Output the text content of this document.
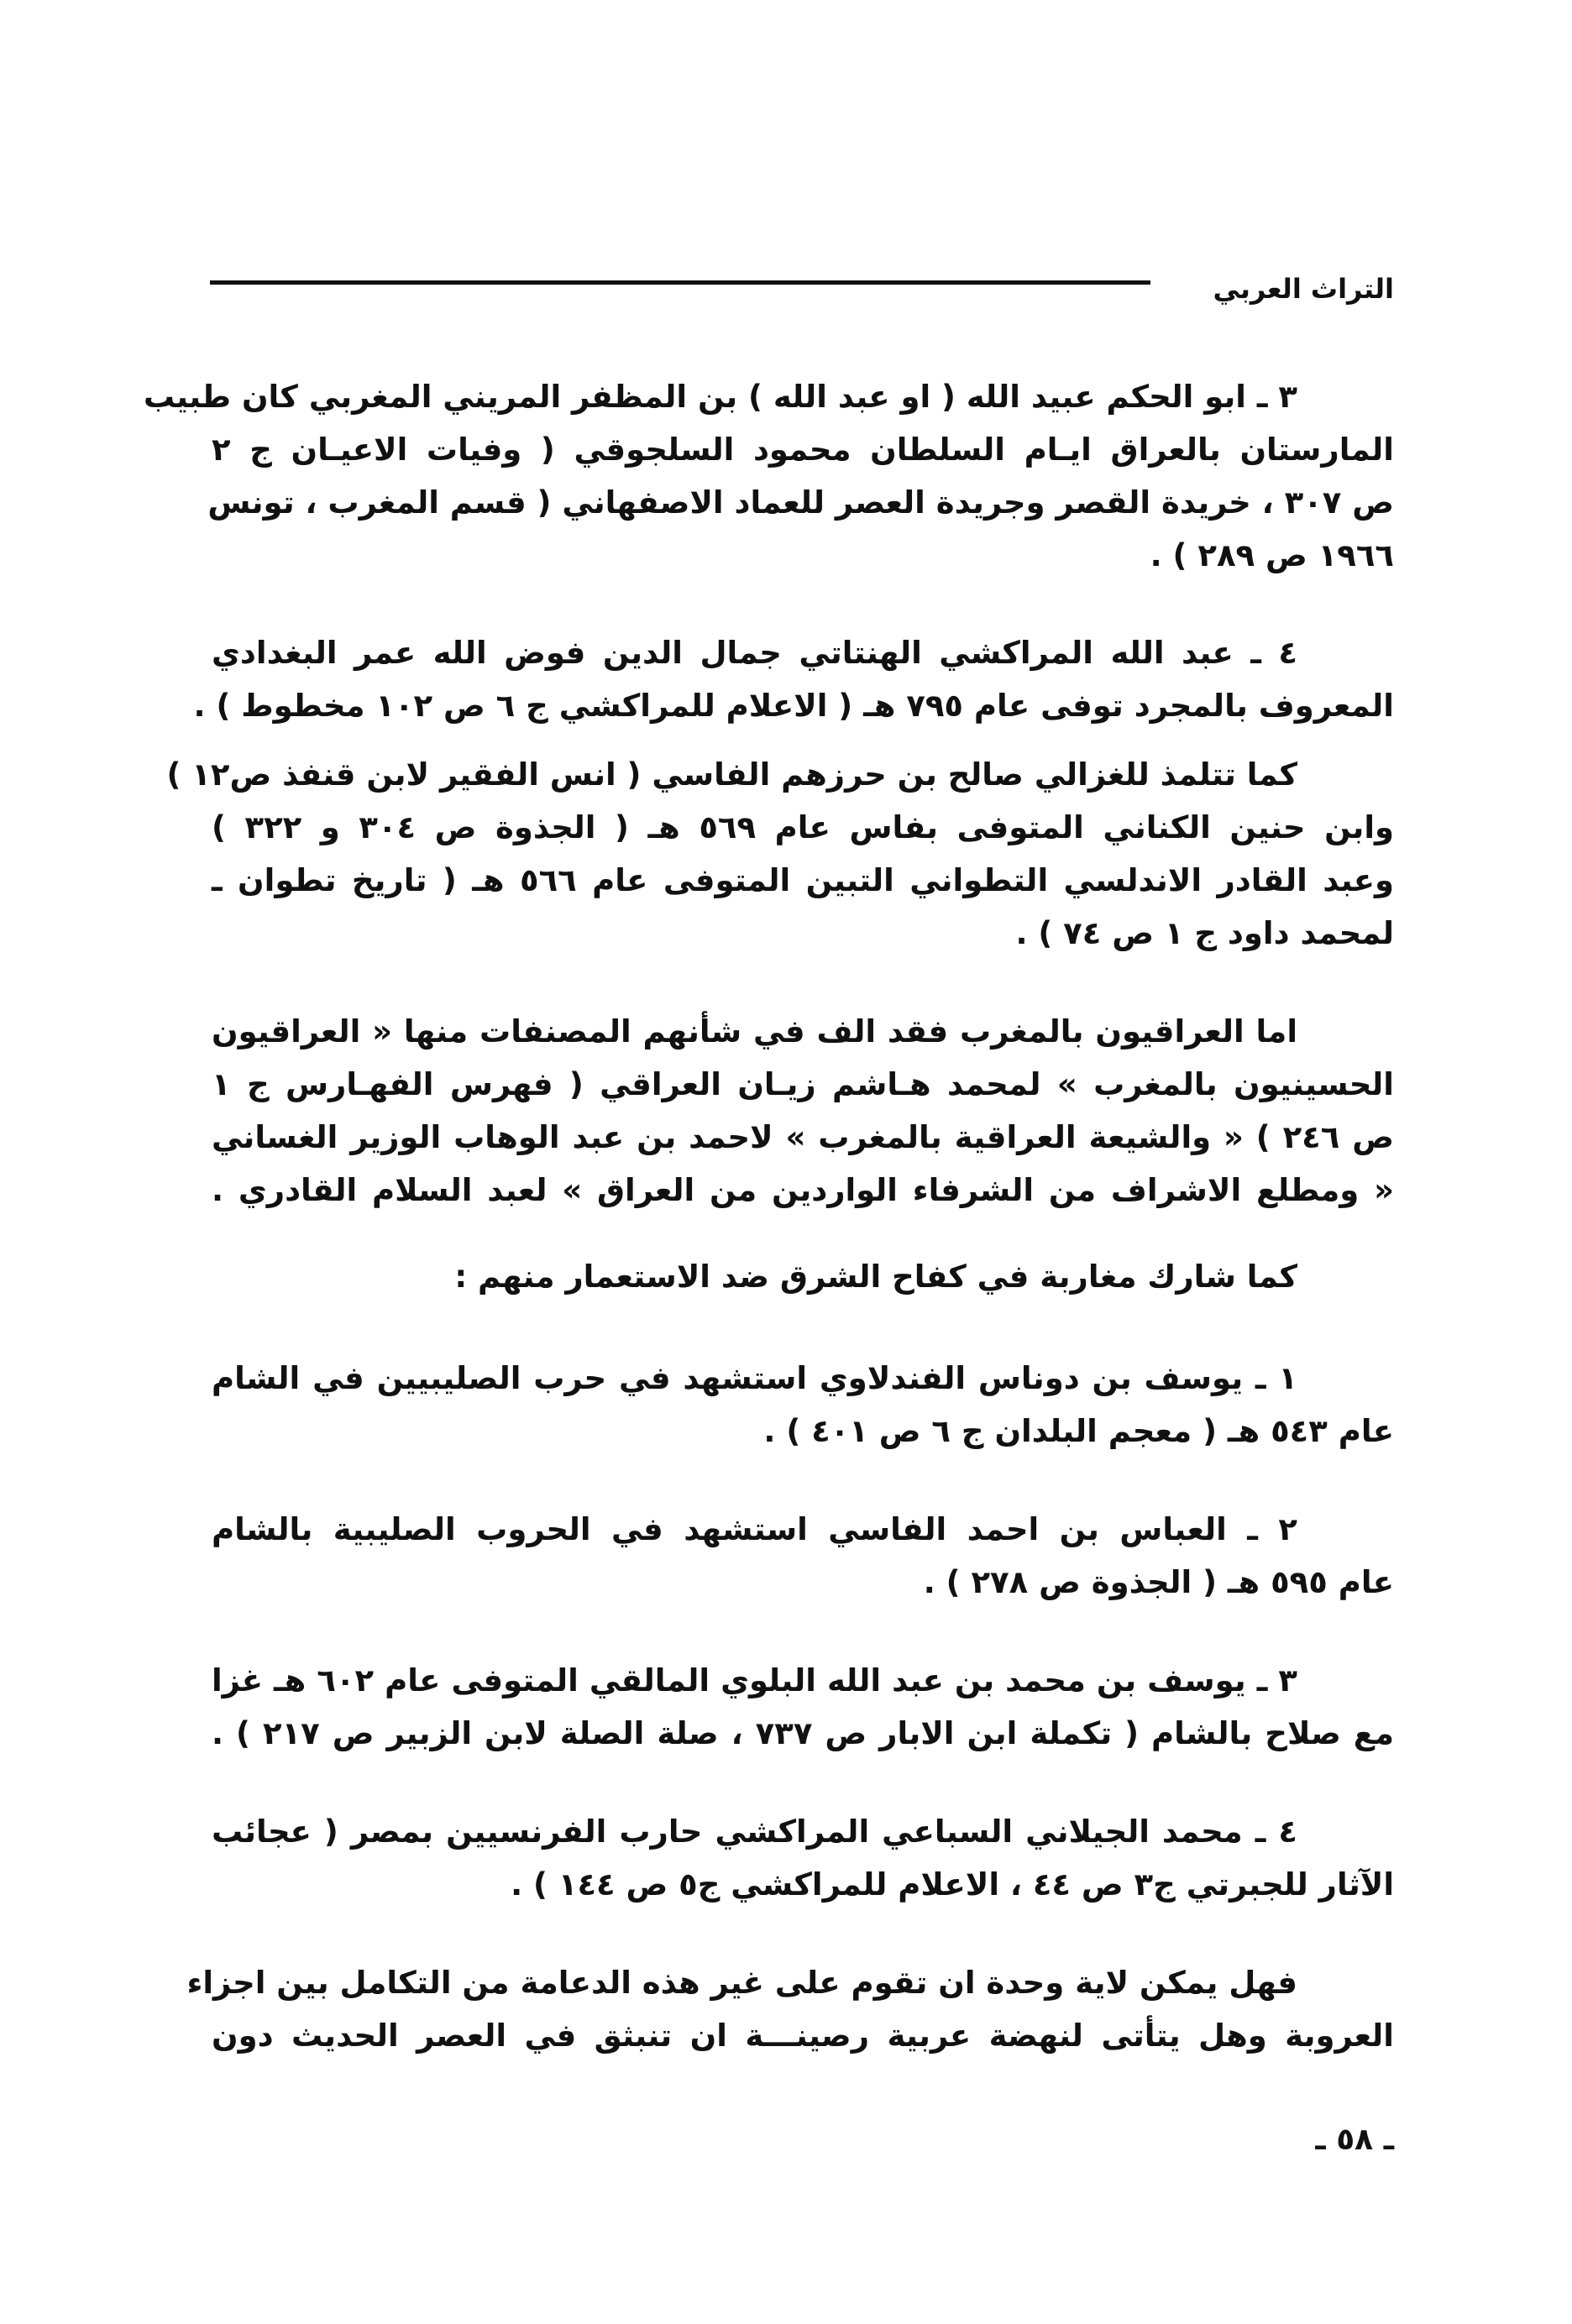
التراث العربي
٣ ـ ابو الحكم عبيد الله ( او عبد الله ) بن المظفر المريني المغربي كان طبيب
المارستان بالعراق ايـام السلطان محمود السلجوقي ( وفيات الاعيـان ج ٢
ص ٣٠٧ ، خريدة القصر وجريدة العصر للعماد الاصفهاني ( قسم المغرب ، تونس
١٩٦٦ ص ٢٨٩ ) .
٤ ـ عبد الله المراكشي الهنتاتي جمال الدين فوض الله عمر البغدادي
المعروف بالمجرد توفى عام ٧٩٥ هـ ( الاعلام للمراكشي ج ٦ ص ١٠٢ مخطوط ) .
كما تتلمذ للغزالي صالح بن حرزهم الفاسي ( انس الفقير لابن قنفذ ص١٢ )
وابن حنين الكناني المتوفى بفاس عام ٥٦٩ هـ ( الجذوة ص ٣٠٤ و ٣٢٢ )
وعبد القادر الاندلسي التطواني التبين المتوفى عام ٥٦٦ هـ ( تاريخ تطوان ـ
لمحمد داود ج ١ ص ٧٤ ) .
اما العراقيون بالمغرب فقد الف في شأنهم المصنفات منها « العراقيون
الحسينيون بالمغرب » لمحمد هـاشم زيـان العراقي ( فهرس الفهـارس ج ١
ص ٢٤٦ ) « والشيعة العراقية بالمغرب » لاحمد بن عبد الوهاب الوزير الغساني
« ومطلع الاشراف من الشرفاء الواردين من العراق » لعبد السلام القادري .
كما شارك مغاربة في كفاح الشرق ضد الاستعمار منهم :
١ ـ يوسف بن دوناس الفندلاوي استشهد في حرب الصليبيين في الشام
عام ٥٤٣ هـ ( معجم البلدان ج ٦ ص ٤٠١ ) .
٢ ـ العباس بن احمد الفاسي استشهد في الحروب الصليبية بالشام
عام ٥٩٥ هـ ( الجذوة ص ٢٧٨ ) .
٣ ـ يوسف بن محمد بن عبد الله البلوي المالقي المتوفى عام ٦٠٢ هـ غزا
مع صلاح بالشام ( تكملة ابن الابار ص ٧٣٧ ، صلة الصلة لابن الزبير ص ٢١٧ ) .
٤ ـ محمد الجيلاني السباعي المراكشي حارب الفرنسيين بمصر ( عجائب
الآثار للجبرتي ج٣ ص ٤٤ ، الاعلام للمراكشي ج٥ ص ١٤٤ ) .
فهل يمكن لاية وحدة ان تقوم على غير هذه الدعامة من التكامل بين اجزاء
العروبة وهل يتأتى لنهضة عربية رصينـــة ان تنبثق في العصر الحديث دون
ـ ٥٨ ـ
